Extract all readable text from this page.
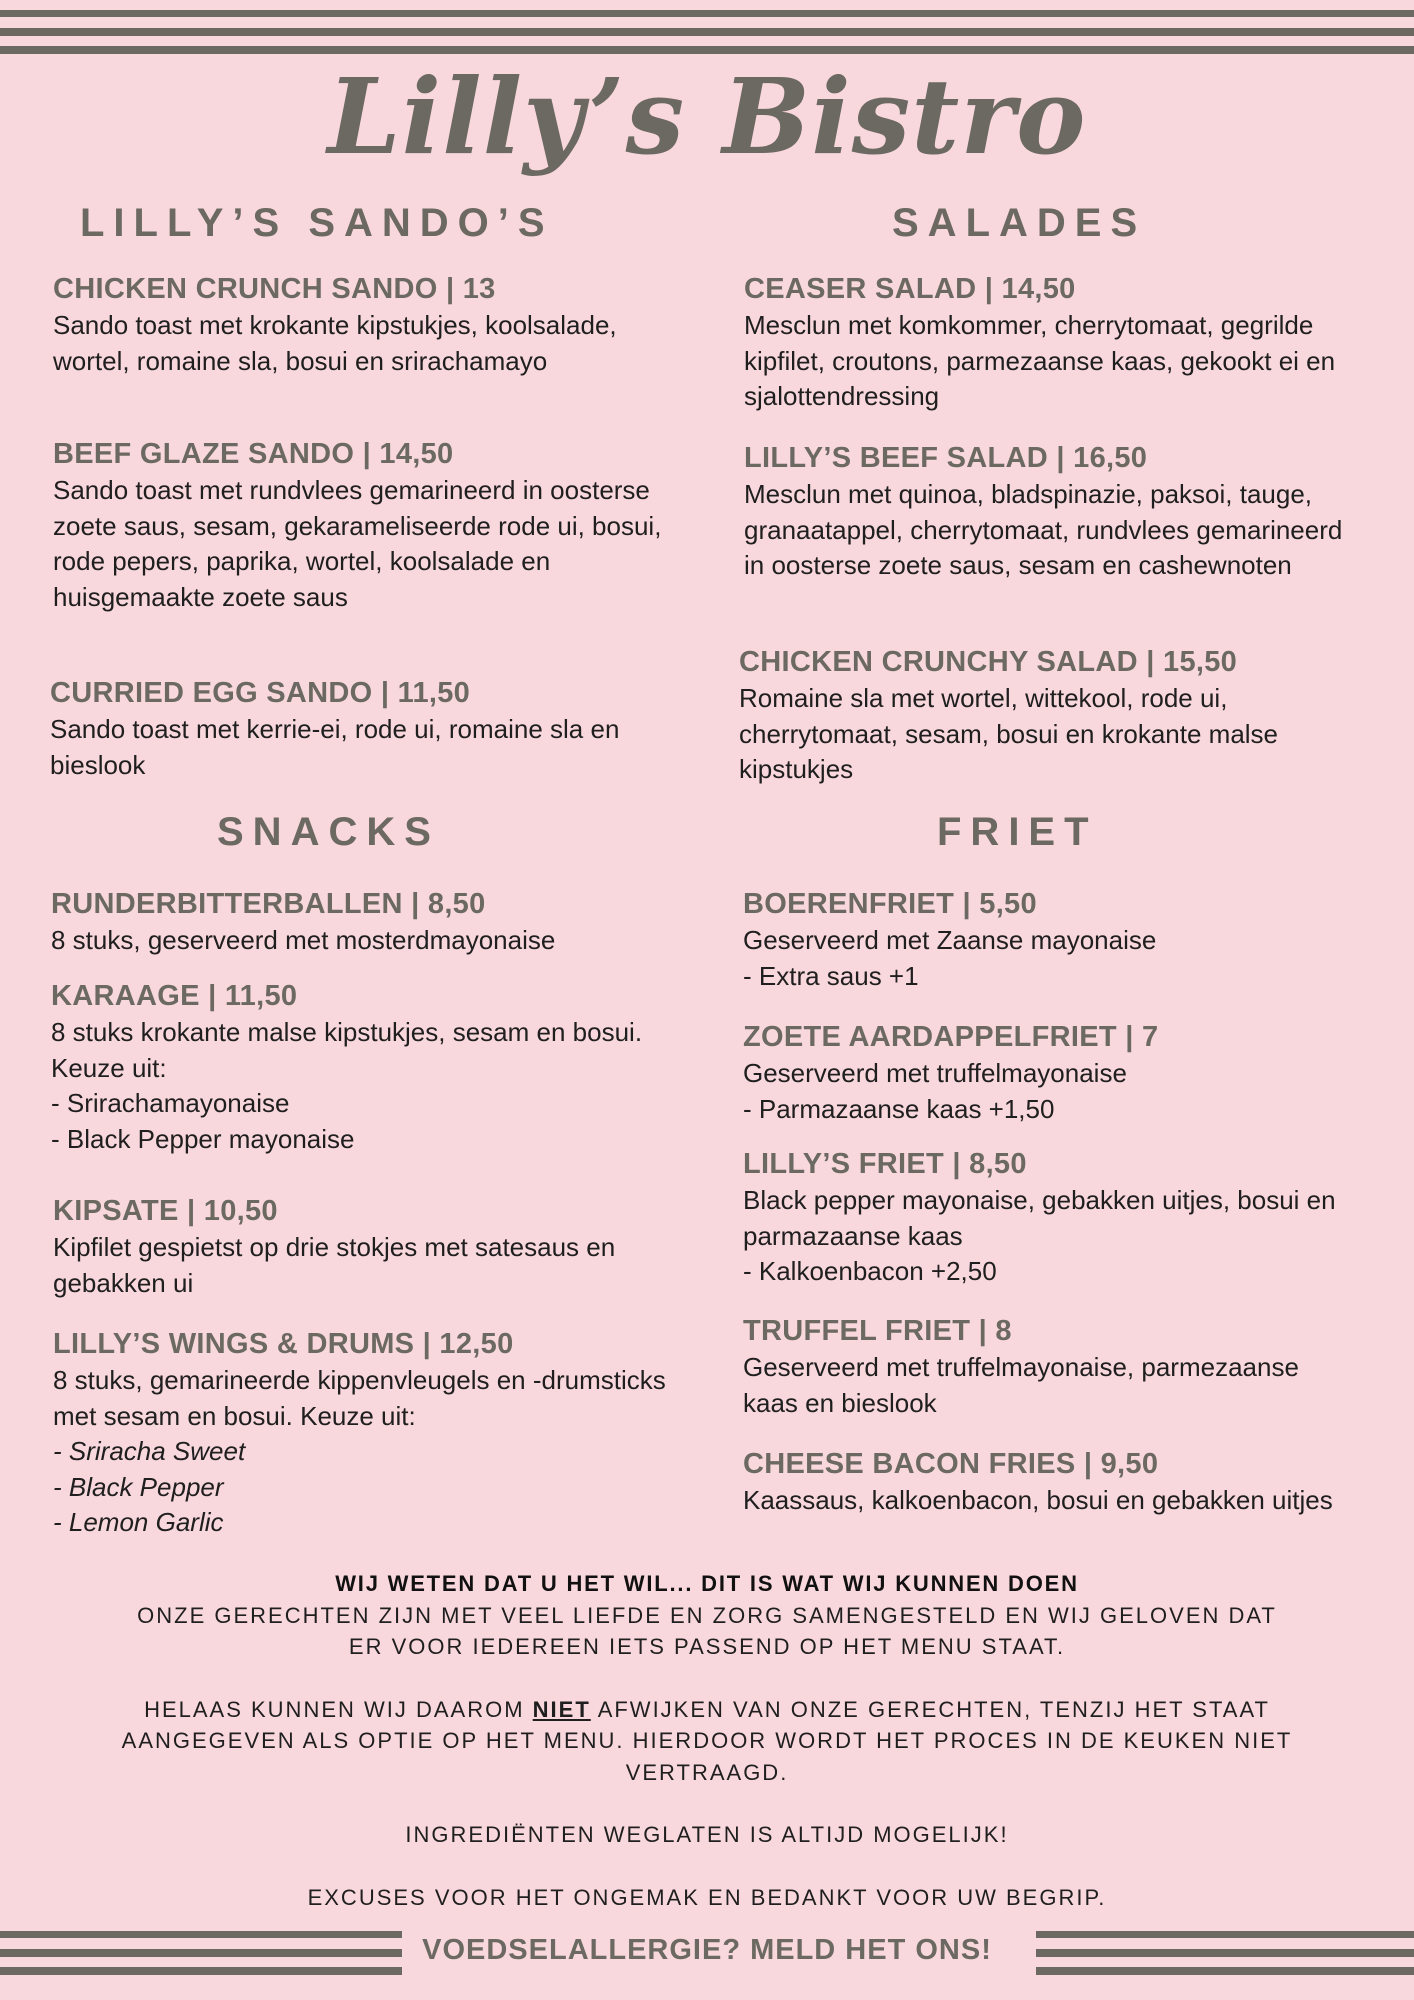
Lilly’s Bistro
LILLY’S SANDO’S
CHICKEN CRUNCH SANDO | 13

Sando toast met krokante kipstukjes, koolsalade, wortel, romaine sla, bosui en srirachamayo

BEEF GLAZE SANDO | 14,50

Sando toast met rundvlees gemarineerd in oosterse zoete saus, sesam, gekarameliseerde rode ui, bosui, rode pepers, paprika, wortel, koolsalade en huisgemaakte zoete saus

CURRIED EGG SANDO | 11,50

Sando toast met kerrie-ei, rode ui, romaine sla en bieslook

SALADES
CEASER SALAD | 14,50

Mesclun met komkommer, cherrytomaat, gegrilde kipfilet, croutons, parmezaanse kaas, gekookt ei en sjalottendressing

LILLY’S BEEF SALAD | 16,50

Mesclun met quinoa, bladspinazie, paksoi, tauge, granaatappel, cherrytomaat, rundvlees gemarineerd in oosterse zoete saus, sesam en cashewnoten

CHICKEN CRUNCHY SALAD | 15,50

Romaine sla met wortel, wittekool, rode ui, cherrytomaat, sesam, bosui en krokante malse kipstukjes

SNACKS
RUNDERBITTERBALLEN | 8,50

8 stuks, geserveerd met mosterdmayonaise

KARAAGE | 11,50

8 stuks krokante malse kipstukjes, sesam en bosui. Keuze uit:
- Srirachamayonaise
- Black Pepper mayonaise

KIPSATE | 10,50

Kipfilet gespietst op drie stokjes met satesaus en gebakken ui

LILLY’S WINGS & DRUMS | 12,50

8 stuks, gemarineerde kippenvleugels en -drumsticks met sesam en bosui. Keuze uit:
- Sriracha Sweet
- Black Pepper
- Lemon Garlic

FRIET
BOERENFRIET | 5,50

Geserveerd met Zaanse mayonaise
- Extra saus +1

ZOETE AARDAPPELFRIET | 7

Geserveerd met truffelmayonaise
- Parmazaanse kaas +1,50

LILLY’S FRIET | 8,50

Black pepper mayonaise, gebakken uitjes, bosui en parmazaanse kaas
- Kalkoenbacon +2,50

TRUFFEL FRIET | 8

Geserveerd met truffelmayonaise, parmezaanse kaas en bieslook

CHEESE BACON FRIES | 9,50

Kaassaus, kalkoenbacon, bosui en gebakken uitjes

WIJ WETEN DAT U HET WIL... DIT IS WAT WIJ KUNNEN DOEN

ONZE GERECHTEN ZIJN MET VEEL LIEFDE EN ZORG SAMENGESTELD EN WIJ GELOVEN DAT ER VOOR IEDEREEN IETS PASSEND OP HET MENU STAAT.

HELAAS KUNNEN WIJ DAAROM NIET AFWIJKEN VAN ONZE GERECHTEN, TENZIJ HET STAAT AANGEGEVEN ALS OPTIE OP HET MENU. HIERDOOR WORDT HET PROCES IN DE KEUKEN NIET VERTRAAGD.

INGREDIËNTEN WEGLATEN IS ALTIJD MOGELIJK!

EXCUSES VOOR HET ONGEMAK EN BEDANKT VOOR UW BEGRIP.

VOEDSELALLERGIE? MELD HET ONS!
